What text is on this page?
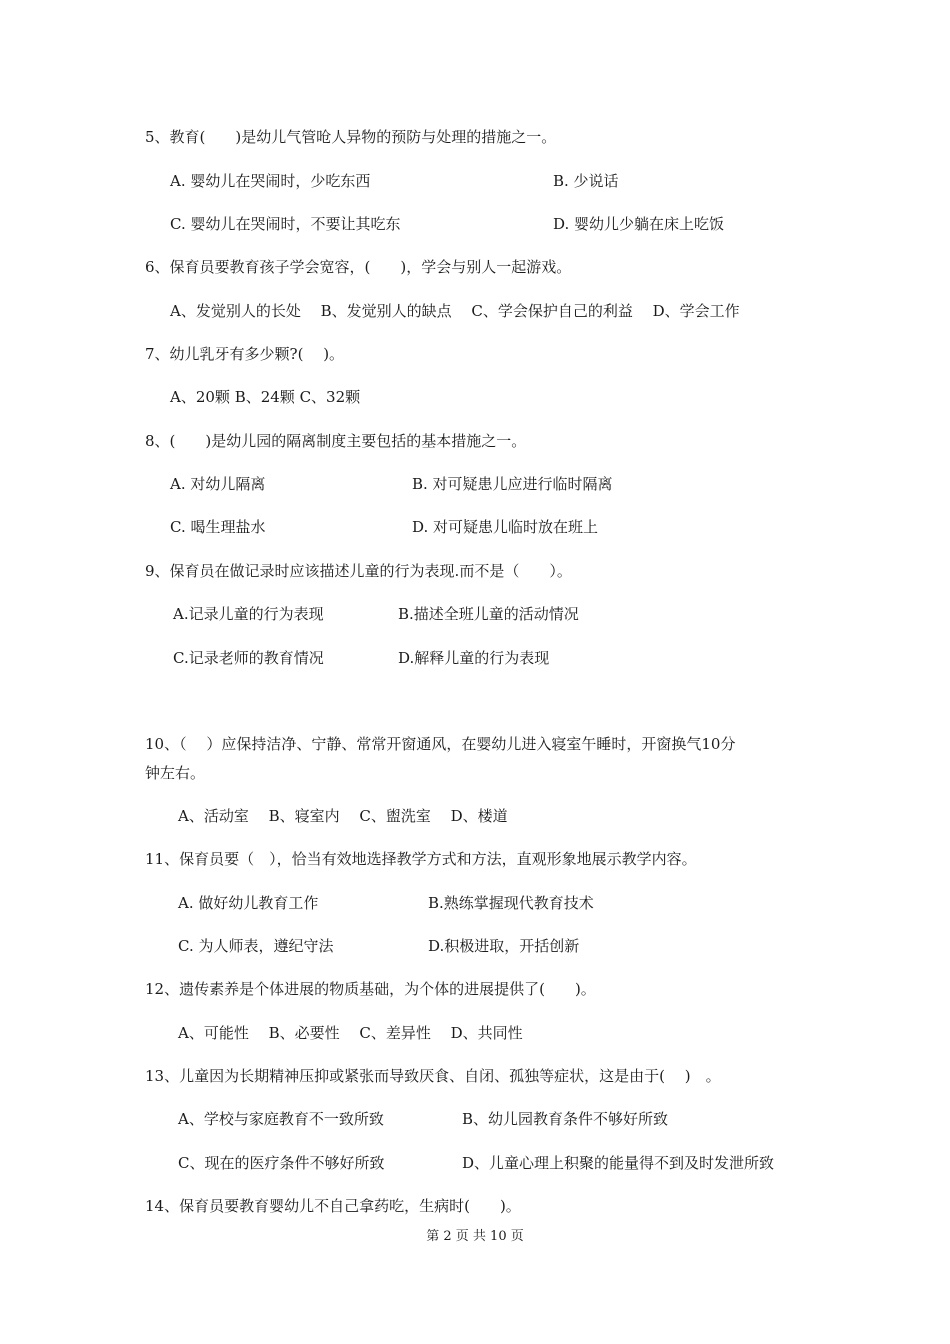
5、教育(　　)是幼儿气管呛人异物的预防与处理的措施之一。
A. 婴幼儿在哭闹时，少吃东西	B. 少说话
C. 婴幼儿在哭闹时，不要让其吃东	D. 婴幼儿少躺在床上吃饭
6、保育员要教育孩子学会宽容，(　　)，学会与别人一起游戏。
A、发觉别人的长处　 B、发觉别人的缺点　 C、学会保护自己的利益　 D、学会工作
7、幼儿乳牙有多少颗?(　 )。
A、20颗 B、24颗 C、32颗
8、(　　)是幼儿园的隔离制度主要包括的基本措施之一。
A. 对幼儿隔离	B. 对可疑患儿应进行临时隔离
C. 喝生理盐水	D. 对可疑患儿临时放在班上
9、保育员在做记录时应该描述儿童的行为表现.而不是（　　）。
A.记录儿童的行为表现	B.描述全班儿童的活动情况
C.记录老师的教育情况	D.解释儿童的行为表现
10、（　 ）应保持洁净、宁静、常常开窗通风，在婴幼儿进入寝室午睡时，开窗换气10分
钟左右。
A、活动室　 B、寝室内　 C、盥洗室　 D、楼道
11、保育员要（　），恰当有效地选择教学方式和方法，直观形象地展示教学内容。
A. 做好幼儿教育工作	B.熟练掌握现代教育技术
C. 为人师表，遵纪守法	D.积极进取，开括创新
12、遗传素养是个体进展的物质基础，为个体的进展提供了(　　)。
A、可能性　 B、必要性　 C、差异性　 D、共同性
13、儿童因为长期精神压抑或紧张而导致厌食、自闭、孤独等症状，这是由于(　 )　。
A、学校与家庭教育不一致所致	B、幼儿园教育条件不够好所致
C、现在的医疗条件不够好所致	D、儿童心理上积聚的能量得不到及时发泄所致
14、保育员要教育婴幼儿不自己拿药吃，生病时(　　)。
第 2 页 共 10 页
